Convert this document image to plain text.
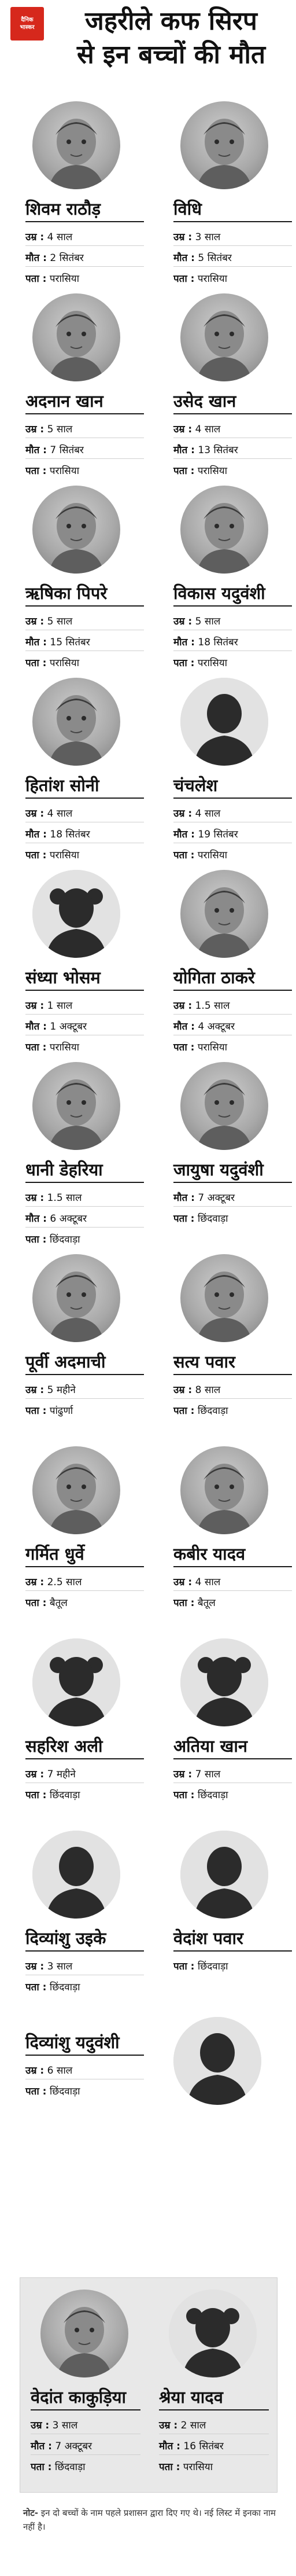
दैनिक
भास्कर	जहरीले कफ सिरप
से इन बच्चों की मौत
शिवम राठौड़
उम्र : 4 साल
मौत : 2 सितंबर
पता : परासिया
विधि
उम्र : 3 साल
मौत : 5 सितंबर
पता : परासिया
अदनान खान
उम्र : 5 साल
मौत : 7 सितंबर
पता : परासिया
उसेद खान
उम्र : 4 साल
मौत : 13 सितंबर
पता : परासिया
ऋषिका पिपरे
उम्र : 5 साल
मौत : 15 सितंबर
पता : परासिया
विकास यदुवंशी
उम्र : 5 साल
मौत : 18 सितंबर
पता : परासिया
हितांश सोनी
उम्र : 4 साल
मौत : 18 सितंबर
पता : परासिया
चंचलेश
उम्र : 4 साल
मौत : 19 सितंबर
पता : परासिया
संध्या भोसम
उम्र : 1 साल
मौत : 1 अक्टूबर
पता : परासिया
योगिता ठाकरे
उम्र : 1.5 साल
मौत : 4 अक्टूबर
पता : परासिया
धानी डेहरिया
उम्र : 1.5 साल
मौत : 6 अक्टूबर
पता : छिंदवाड़ा
जायुषा यदुवंशी
मौत : 7 अक्टूबर
पता : छिंदवाड़ा
पूर्वी अदमाची
उम्र : 5 महीने
पता : पांढुर्णा
सत्य पवार
उम्र : 8 साल
पता : छिंदवाड़ा
गर्मित धुर्वे
उम्र : 2.5 साल
पता : बैतूल
कबीर यादव
उम्र : 4 साल
पता : बैतूल
सहरिश अली
उम्र : 7 महीने
पता : छिंदवाड़ा
अतिया खान
उम्र : 7 साल
पता : छिंदवाड़ा
दिव्यांशु उइके
उम्र : 3 साल
पता : छिंदवाड़ा
वेदांश पवार
पता : छिंदवाड़ा
दिव्यांशु यदुवंशी
उम्र : 6 साल
पता : छिंदवाड़ा
वेदांत काकुड़िया
उम्र : 3 साल
मौत : 7 अक्टूबर
पता : छिंदवाड़ा
श्रेया यादव
उम्र : 2 साल
मौत : 16 सितंबर
पता : परासिया
नोट- इन दो बच्चों के नाम पहले प्रशासन द्वारा दिए गए थे। नई लिस्ट में इनका नाम नहीं है।
